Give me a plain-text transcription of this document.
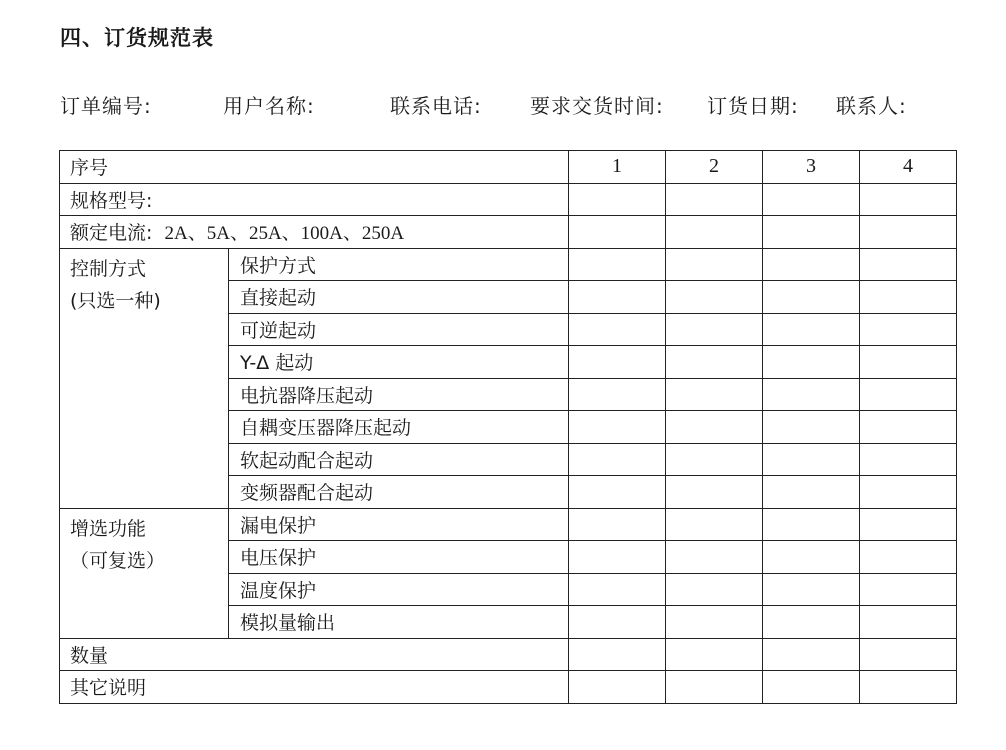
四、订货规范表
订单编号:	用户名称:	联系电话: 要求交货时间: 订货日期: 联系人:
序号		1	2	3	4
规格型号:					
额定电流: 2A、5A、25A、100A、250A					

控制方式
(只选一种)	保护方式				
	直接起动				
	可逆起动				
	Y-Δ 起动				
	电抗器降压起动				
	自耦变压器降压起动				
	软起动配合起动				
	变频器配合起动				

增选功能
（可复选）	漏电保护				
	电压保护				
	温度保护				
	模拟量输出				
数量					
其它说明					
